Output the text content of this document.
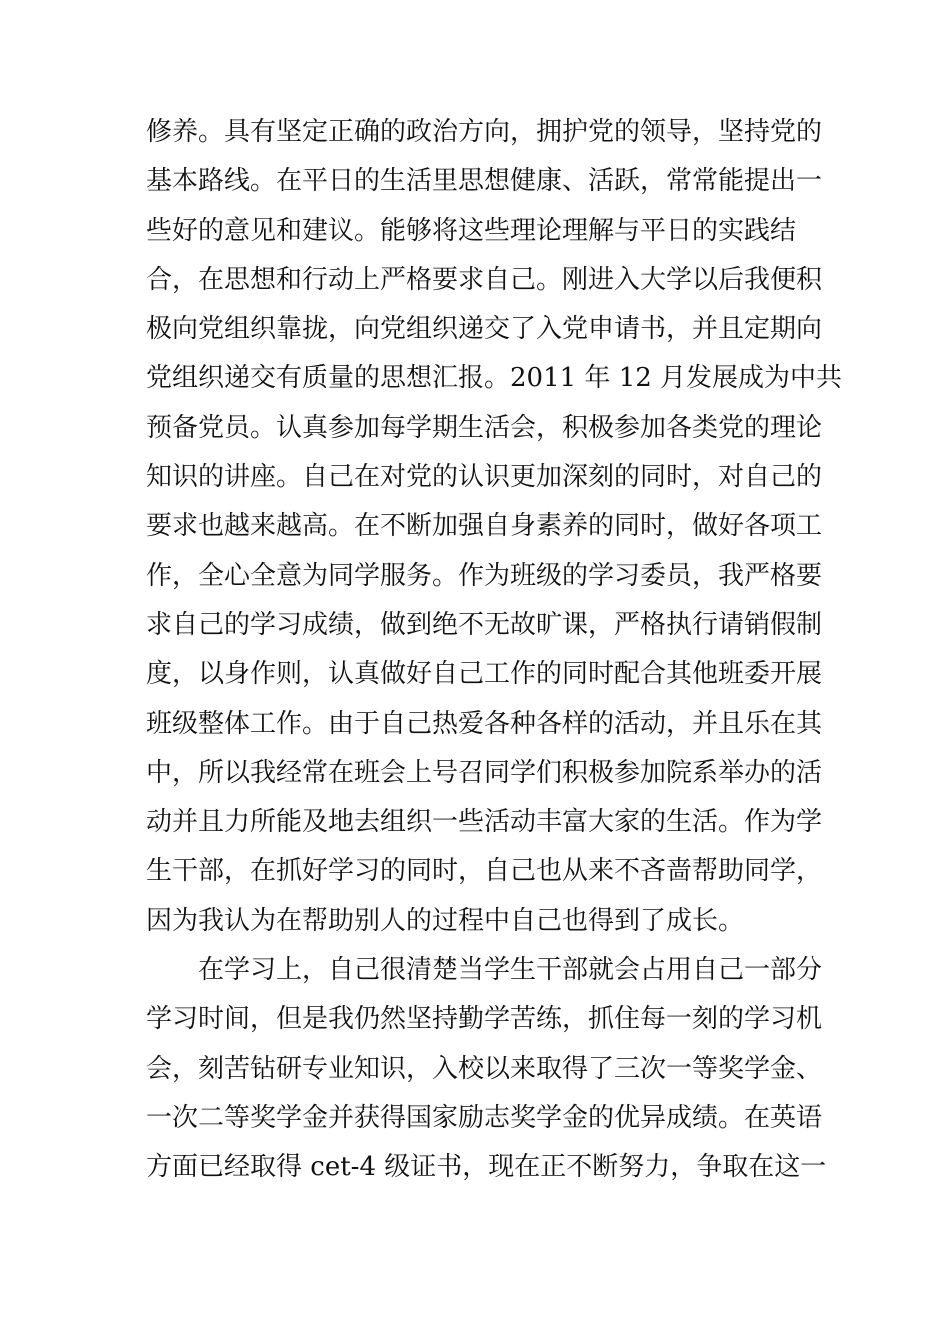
修养。具有坚定正确的政治方向，拥护党的领导，坚持党的
基本路线。在平日的生活里思想健康、活跃，常常能提出一
些好的意见和建议。能够将这些理论理解与平日的实践结
合，在思想和行动上严格要求自己。刚进入大学以后我便积
极向党组织靠拢，向党组织递交了入党申请书，并且定期向
党组织递交有质量的思想汇报。2011 年 12 月发展成为中共
预备党员。认真参加每学期生活会，积极参加各类党的理论
知识的讲座。自己在对党的认识更加深刻的同时，对自己的
要求也越来越高。在不断加强自身素养的同时，做好各项工
作，全心全意为同学服务。作为班级的学习委员，我严格要
求自己的学习成绩，做到绝不无故旷课，严格执行请销假制
度，以身作则，认真做好自己工作的同时配合其他班委开展
班级整体工作。由于自己热爱各种各样的活动，并且乐在其
中，所以我经常在班会上号召同学们积极参加院系举办的活
动并且力所能及地去组织一些活动丰富大家的生活。作为学
生干部，在抓好学习的同时，自己也从来不吝啬帮助同学，
因为我认为在帮助别人的过程中自己也得到了成长。
　　在学习上，自己很清楚当学生干部就会占用自己一部分
学习时间，但是我仍然坚持勤学苦练，抓住每一刻的学习机
会，刻苦钻研专业知识，入校以来取得了三次一等奖学金、
一次二等奖学金并获得国家励志奖学金的优异成绩。在英语
方面已经取得 cet-4 级证书，现在正不断努力，争取在这一
